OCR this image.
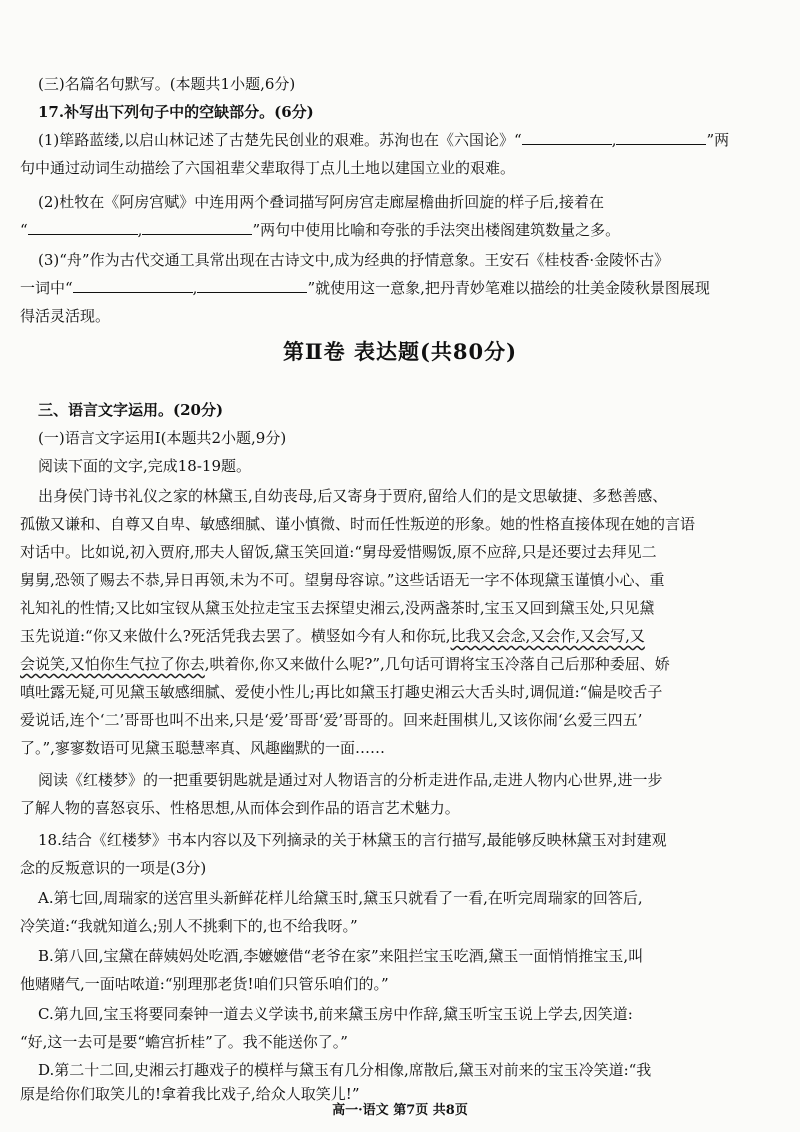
(三)名篇名句默写。(本题共1小题,6分)
17.补写出下列句子中的空缺部分。(6分)
(1)筚路蓝缕,以启山林记述了古楚先民创业的艰难。苏洵也在《六国论》“	,	”两
句中通过动词生动描绘了六国祖辈父辈取得丁点儿土地以建国立业的艰难。
(2)杜牧在《阿房宫赋》中连用两个叠词描写阿房宫走廊屋檐曲折回旋的样子后,接着在
“	,	”两句中使用比喻和夸张的手法突出楼阁建筑数量之多。
(3)“舟”作为古代交通工具常出现在古诗文中,成为经典的抒情意象。王安石《桂枝香·金陵怀古》
一词中“	,	”就使用这一意象,把丹青妙笔难以描绘的壮美金陵秋景图展现
得活灵活现。
第Ⅱ卷 表达题(共80分)
三、语言文字运用。(20分)
(一)语言文字运用Ⅰ(本题共2小题,9分)
阅读下面的文字,完成18-19题。
出身侯门诗书礼仪之家的林黛玉,自幼丧母,后又寄身于贾府,留给人们的是文思敏捷、多愁善感、
孤傲又谦和、自尊又自卑、敏感细腻、谨小慎微、时而任性叛逆的形象。她的性格直接体现在她的言语
对话中。比如说,初入贾府,邢夫人留饭,黛玉笑回道:“舅母爱惜赐饭,原不应辞,只是还要过去拜见二
舅舅,恐领了赐去不恭,异日再领,未为不可。望舅母容谅。”这些话语无一字不体现黛玉谨慎小心、重
礼知礼的性情;又比如宝钗从黛玉处拉走宝玉去探望史湘云,没两盏茶时,宝玉又回到黛玉处,只见黛
玉先说道:“你又来做什么?死活凭我去罢了。横竖如今有人和你玩,比我又会念,又会作,又会写,又
会说笑,又怕你生气拉了你去,哄着你,你又来做什么呢?”,几句话可谓将宝玉冷落自己后那种委屈、娇
嗔吐露无疑,可见黛玉敏感细腻、爱使小性儿;再比如黛玉打趣史湘云大舌头时,调侃道:“偏是咬舌子
爱说话,连个‘二’哥哥也叫不出来,只是‘爱’哥哥‘爱’哥哥的。回来赶围棋儿,又该你闹‘幺爱三四五’
了。”,寥寥数语可见黛玉聪慧率真、风趣幽默的一面……
阅读《红楼梦》的一把重要钥匙就是通过对人物语言的分析走进作品,走进人物内心世界,进一步
了解人物的喜怒哀乐、性格思想,从而体会到作品的语言艺术魅力。
18.结合《红楼梦》书本内容以及下列摘录的关于林黛玉的言行描写,最能够反映林黛玉对封建观
念的反叛意识的一项是(3分)
A.第七回,周瑞家的送宫里头新鲜花样儿给黛玉时,黛玉只就看了一看,在听完周瑞家的回答后,
冷笑道:“我就知道么;别人不挑剩下的,也不给我呀。”
B.第八回,宝黛在薛姨妈处吃酒,李嬷嬷借“老爷在家”来阻拦宝玉吃酒,黛玉一面悄悄推宝玉,叫
他赌赌气,一面咕哝道:“别理那老货!咱们只管乐咱们的。”
C.第九回,宝玉将要同秦钟一道去义学读书,前来黛玉房中作辞,黛玉听宝玉说上学去,因笑道:
“好,这一去可是要“蟾宫折桂”了。我不能送你了。”
D.第二十二回,史湘云打趣戏子的模样与黛玉有几分相像,席散后,黛玉对前来的宝玉冷笑道:“我
原是给你们取笑儿的!拿着我比戏子,给众人取笑儿!”
高一·语文 第7页 共8页
